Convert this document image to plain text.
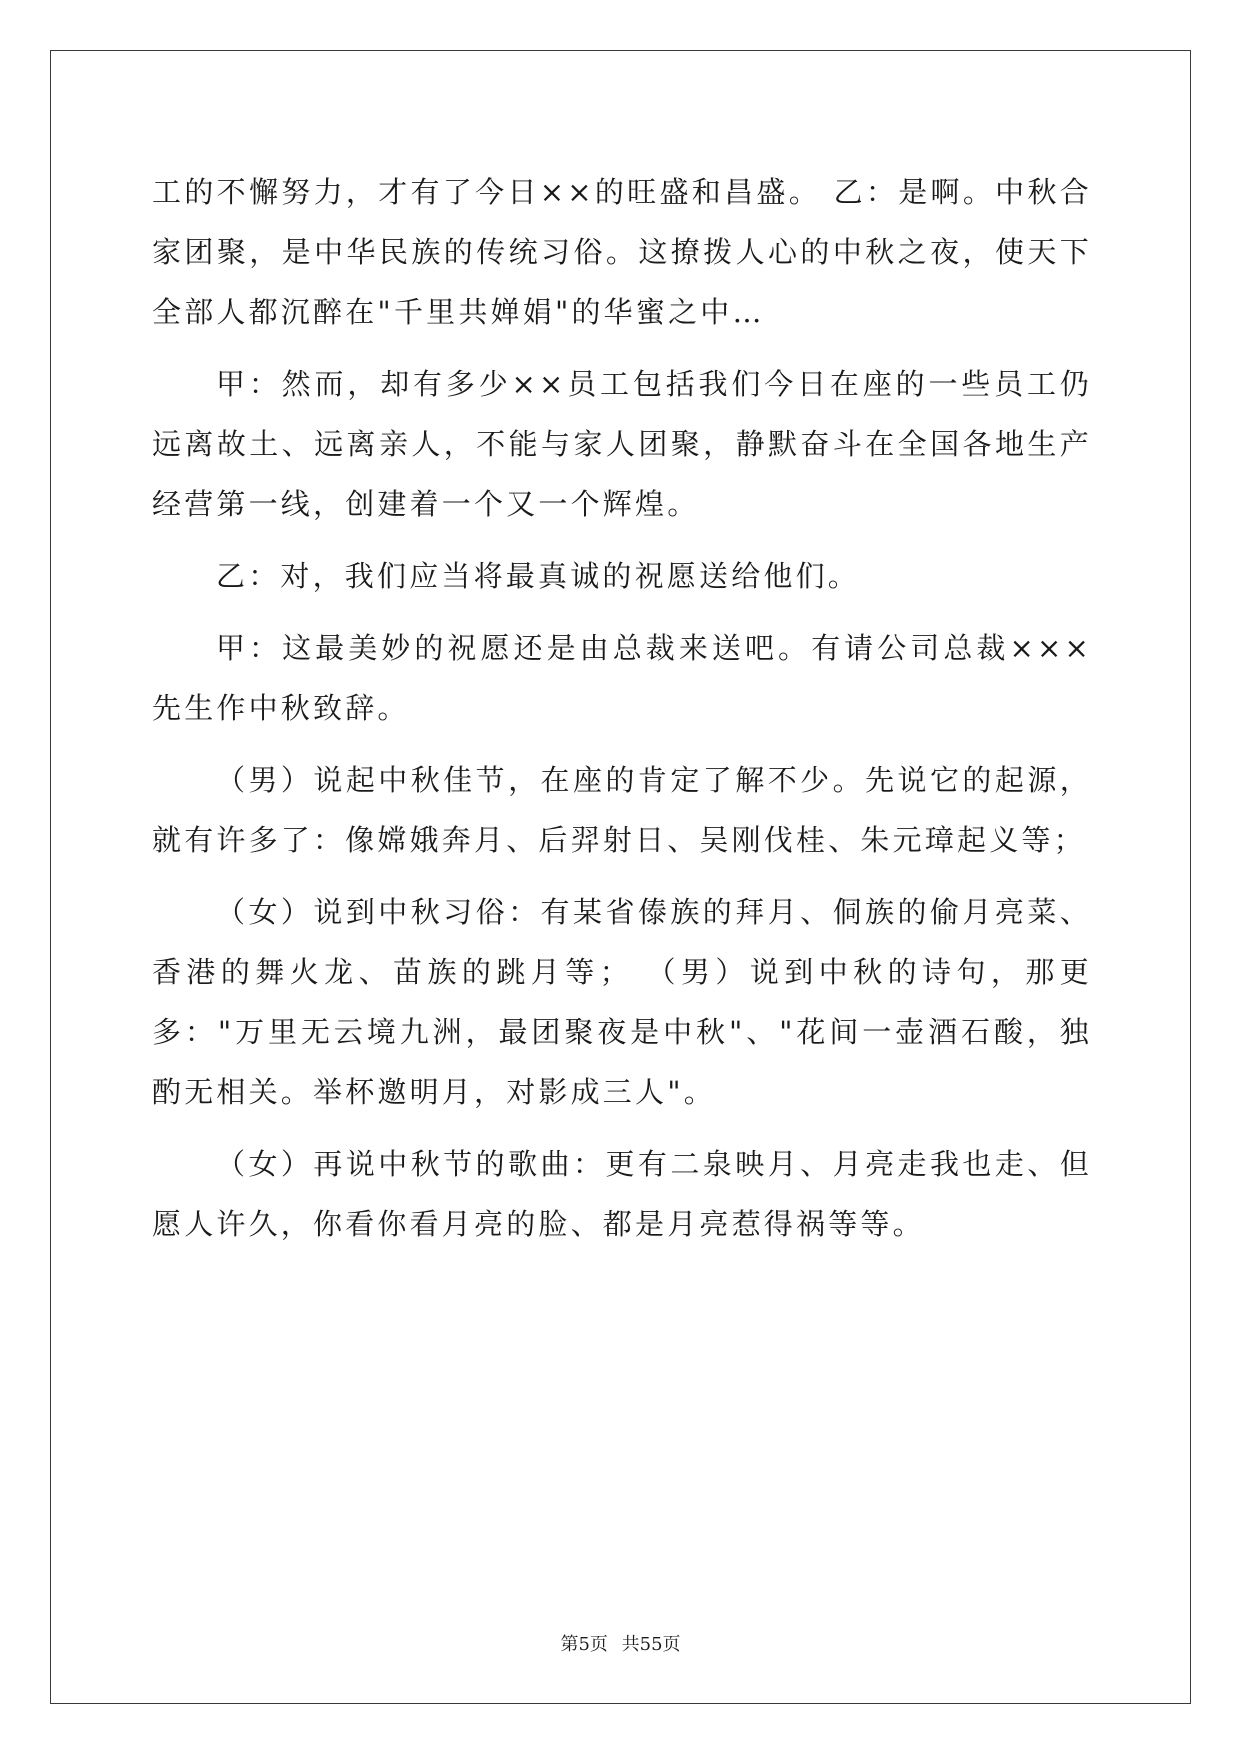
工的不懈努力，才有了今日××的旺盛和昌盛。 乙：是啊。中秋合家团聚，是中华民族的传统习俗。这撩拨人心的中秋之夜，使天下全部人都沉醉在"千里共婵娟"的华蜜之中…

甲：然而，却有多少××员工包括我们今日在座的一些员工仍远离故土、远离亲人，不能与家人团聚，静默奋斗在全国各地生产经营第一线，创建着一个又一个辉煌。

乙：对，我们应当将最真诚的祝愿送给他们。

甲：这最美妙的祝愿还是由总裁来送吧。有请公司总裁×××先生作中秋致辞。

（男）说起中秋佳节，在座的肯定了解不少。先说它的起源，就有许多了：像嫦娥奔月、后羿射日、吴刚伐桂、朱元璋起义等；

（女）说到中秋习俗：有某省傣族的拜月、侗族的偷月亮菜、香港的舞火龙、苗族的跳月等； （男）说到中秋的诗句，那更多："万里无云境九洲，最团聚夜是中秋"、"花间一壶酒石酸，独酌无相关。举杯邀明月，对影成三人"。

（女）再说中秋节的歌曲：更有二泉映月、月亮走我也走、但愿人许久，你看你看月亮的脸、都是月亮惹得祸等等。

第5页 共55页
